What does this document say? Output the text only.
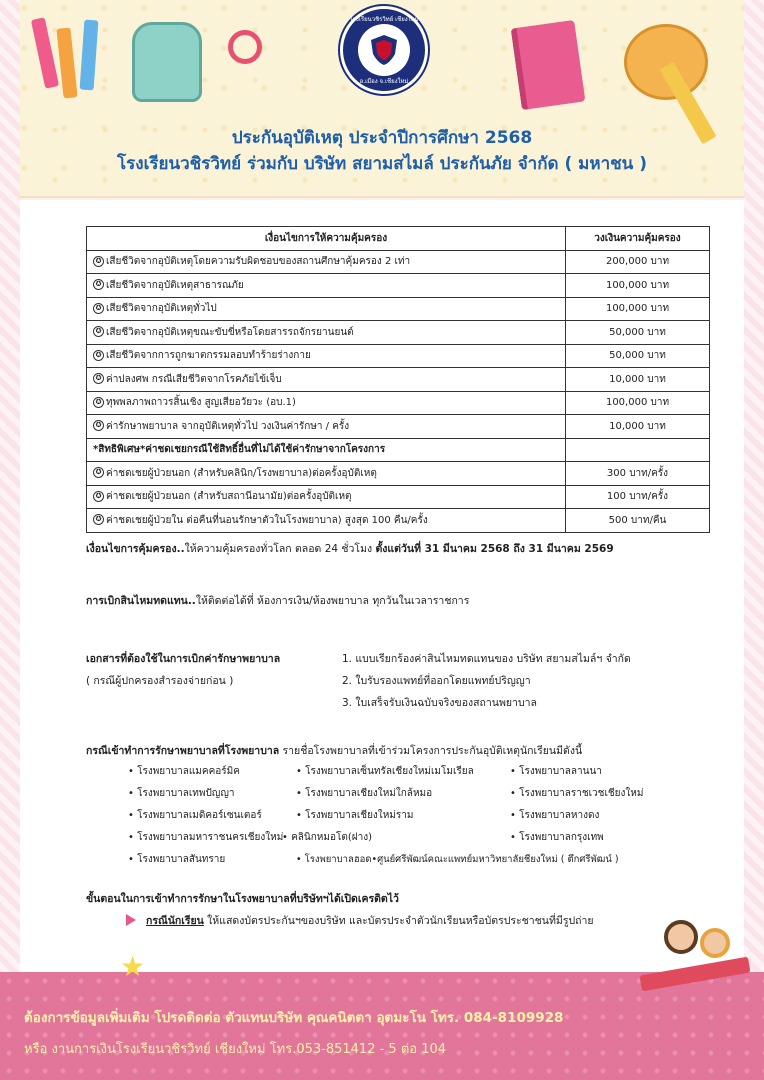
โรงเรียนวชิรวิทย์ เชียงใหม่
อ.เมือง จ.เชียงใหม่
ประกันอุบัติเหตุ ประจำปีการศึกษา 2568
โรงเรียนวชิรวิทย์ ร่วมกับ บริษัท สยามสไมล์ ประกันภัย จำกัด ( มหาชน )
เงื่อนไขการให้ความคุ้มครอง	วงเงินความคุ้มครอง
✪ เสียชีวิตจากอุบัติเหตุโดยความรับผิดชอบของสถานศึกษาคุ้มครอง 2 เท่า	200,000 บาท
✪ เสียชีวิตจากอุบัติเหตุสาธารณภัย	100,000 บาท
✪ เสียชีวิตจากอุบัติเหตุทั่วไป	100,000 บาท
✪ เสียชีวิตจากอุบัติเหตุขณะขับขี่หรือโดยสารรถจักรยานยนต์	50,000 บาท
✪ เสียชีวิตจากการถูกฆาตกรรมลอบทำร้ายร่างกาย	50,000 บาท
✪ ค่าปลงศพ กรณีเสียชีวิตจากโรคภัยไข้เจ็บ	10,000 บาท
✪ ทุพพลภาพถาวรสิ้นเชิง สูญเสียอวัยวะ (อบ.1)	100,000 บาท
✪ ค่ารักษาพยาบาล จากอุบัติเหตุทั่วไป วงเงินค่ารักษา / ครั้ง	10,000 บาท
*สิทธิพิเศษ*ค่าชดเชยกรณีใช้สิทธิ์อื่นที่ไม่ได้ใช้ค่ารักษาจากโครงการ	
✪ ค่าชดเชยผู้ป่วยนอก (สำหรับคลินิก/โรงพยาบาล)ต่อครั้งอุบัติเหตุ	300 บาท/ครั้ง
✪ ค่าชดเชยผู้ป่วยนอก (สำหรับสถานีอนามัย)ต่อครั้งอุบัติเหตุ	100 บาท/ครั้ง
✪ ค่าชดเชยผู้ป่วยใน ต่อคืนที่นอนรักษาตัวในโรงพยาบาล) สูงสุด 100 คืน/ครั้ง	500 บาท/คืน
เงื่อนไขการคุ้มครอง..ให้ความคุ้มครองทั่วโลก ตลอด 24 ชั่วโมง ตั้งแต่วันที่ 31 มีนาคม 2568 ถึง 31 มีนาคม 2569
การเบิกสินไหมทดแทน..ให้ติดต่อได้ที่ ห้องการเงิน/ห้องพยาบาล ทุกวันในเวลาราชการ
เอกสารที่ต้องใช้ในการเบิกค่ารักษาพยาบาล
( กรณีผู้ปกครองสำรองจ่ายก่อน )
1. แบบเรียกร้องค่าสินไหมทดแทนของ บริษัท สยามสไมล์ฯ จำกัด
2. ใบรับรองแพทย์ที่ออกโดยแพทย์ปริญญา
3. ใบเสร็จรับเงินฉบับจริงของสถานพยาบาล
กรณีเข้าทำการรักษาพยาบาลที่โรงพยาบาล รายชื่อโรงพยาบาลที่เข้าร่วมโครงการประกันอุบัติเหตุนักเรียนมีดังนี้
• โรงพยาบาลแมคคอร์มิค
• โรงพยาบาลเทพปัญญา
• โรงพยาบาลเมดิคอร์เซนเตอร์
• โรงพยาบาลมหาราชนครเชียงใหม่
• โรงพยาบาลสันทราย
• โรงพยาบาลเซ็นทรัลเชียงใหม่เมโมเรียล
• โรงพยาบาลเชียงใหม่ใกล้หมอ
• โรงพยาบาลเชียงใหม่ราม
• คลินิกหมอโต(ฝาง)
• โรงพยาบาลฮอด•ศูนย์ศรีพัฒน์คณะแพทย์มหาวิทยาลัยชียงใหม่ ( ตึกศรีพัฒน์ )
• โรงพยาบาลลานนา
• โรงพยาบาลราชเวชเชียงใหม่
• โรงพยาบาลหางดง
• โรงพยาบาลกรุงเทพ
ขั้นตอนในการเข้าทำการรักษาในโรงพยาบาลที่บริษัทฯได้เปิดเครดิตไว้
กรณีนักเรียน ให้แสดงบัตรประกันฯของบริษัท และบัตรประจำตัวนักเรียนหรือบัตรประชาชนที่มีรูปถ่าย
★
ต้องการข้อมูลเพิ่มเติม โปรดติดต่อ ตัวแทนบริษัท คุณคนิตตา อุตมะโน โทร. 084-8109928
หรือ งานการเงินโรงเรียนวชิรวิทย์ เชียงใหม่ โทร.053-851412 - 5 ต่อ 104
